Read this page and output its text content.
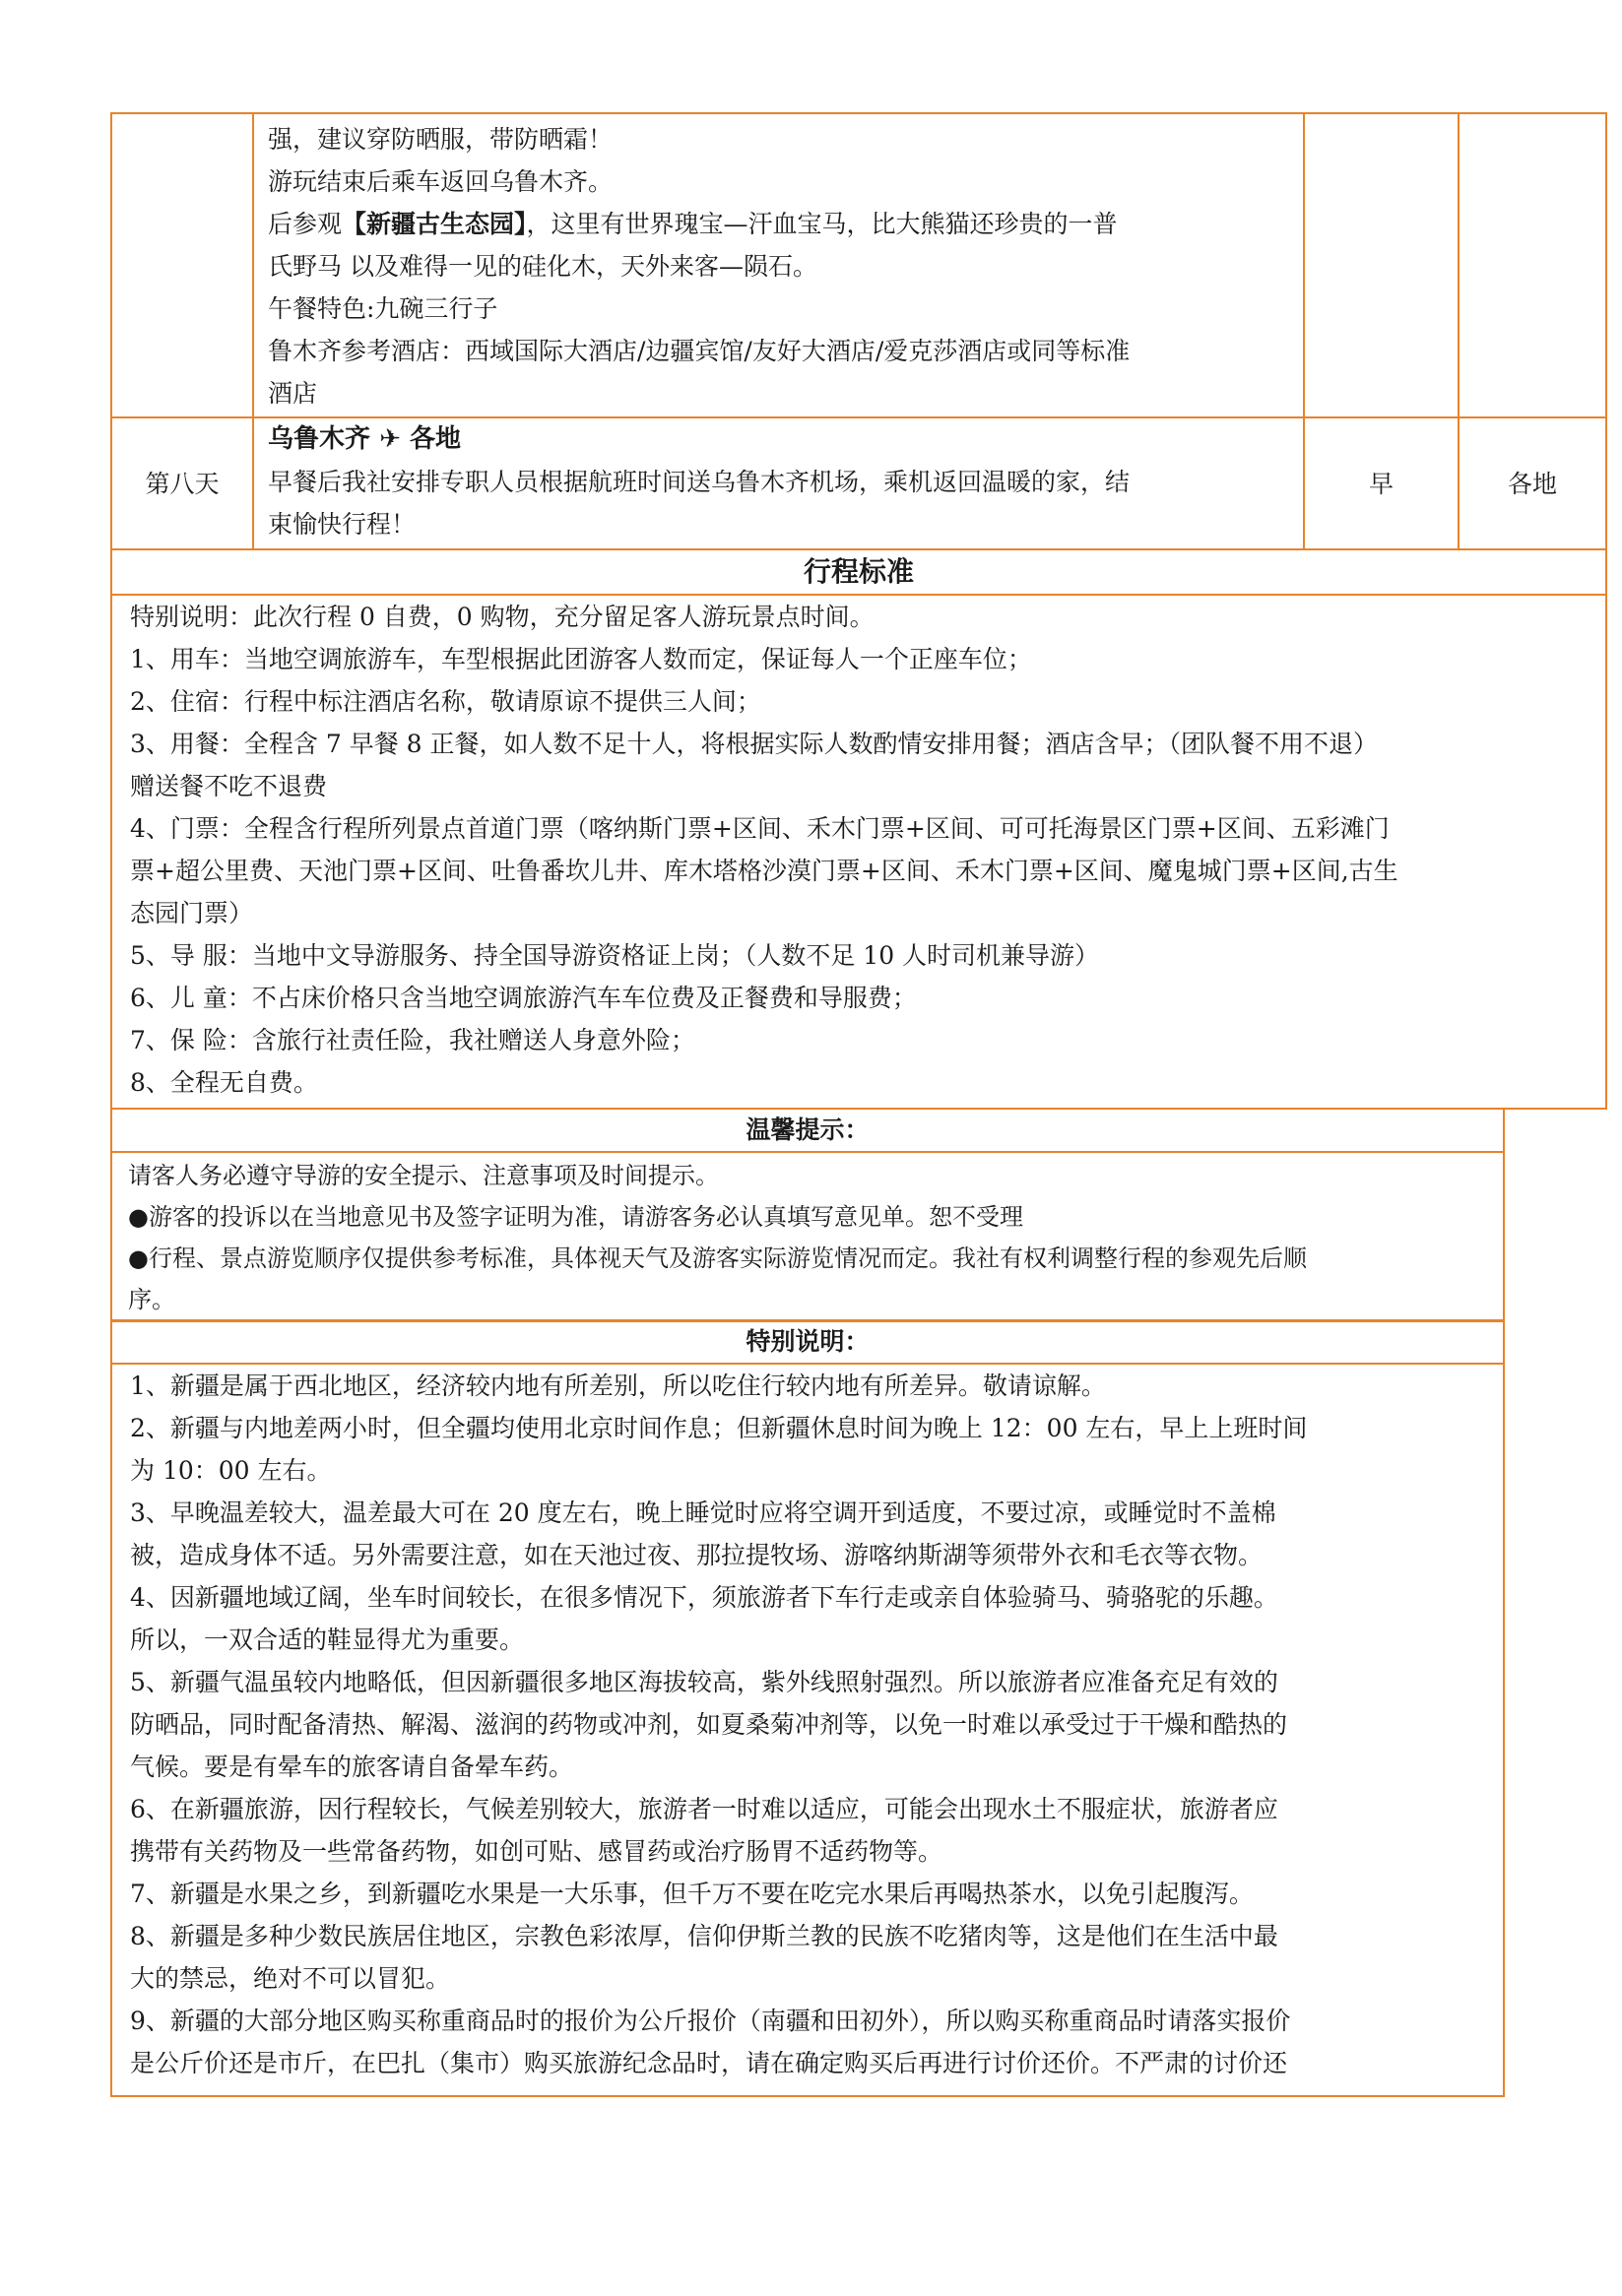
强，建议穿防晒服，带防晒霜！
游玩结束后乘车返回乌鲁木齐。
后参观【新疆古生态园】，这里有世界瑰宝—汗血宝马，比大熊猫还珍贵的一普
氏野马 以及难得一见的硅化木，天外来客—陨石。
午餐特色:九碗三行子
鲁木齐参考酒店：西域国际大酒店/边疆宾馆/友好大酒店/爱克莎酒店或同等标准
酒店
第八天
乌鲁木齐 ✈ 各地
早餐后我社安排专职人员根据航班时间送乌鲁木齐机场，乘机返回温暖的家，结
束愉快行程！
早	各地
行程标准
特别说明：此次行程 0 自费，0 购物，充分留足客人游玩景点时间。
1、用车：当地空调旅游车，车型根据此团游客人数而定，保证每人一个正座车位；
2、住宿：行程中标注酒店名称，敬请原谅不提供三人间；
3、用餐：全程含 7 早餐 8 正餐，如人数不足十人，将根据实际人数酌情安排用餐；酒店含早；（团队餐不用不退）
赠送餐不吃不退费
4、门票：全程含行程所列景点首道门票（喀纳斯门票+区间、禾木门票+区间、可可托海景区门票+区间、五彩滩门
票+超公里费、天池门票+区间、吐鲁番坎儿井、库木塔格沙漠门票+区间、禾木门票+区间、魔鬼城门票+区间,古生
态园门票）
5、导 服：当地中文导游服务、持全国导游资格证上岗；（人数不足 10 人时司机兼导游）
6、儿 童：不占床价格只含当地空调旅游汽车车位费及正餐费和导服费；
7、保 险：含旅行社责任险，我社赠送人身意外险；
8、全程无自费。
温馨提示：
请客人务必遵守导游的安全提示、注意事项及时间提示。
●游客的投诉以在当地意见书及签字证明为准，请游客务必认真填写意见单。恕不受理
●行程、景点游览顺序仅提供参考标准，具体视天气及游客实际游览情况而定。我社有权利调整行程的参观先后顺
序。
特别说明：
1、新疆是属于西北地区，经济较内地有所差别，所以吃住行较内地有所差异。敬请谅解。
2、新疆与内地差两小时，但全疆均使用北京时间作息；但新疆休息时间为晚上 12：00 左右，早上上班时间
为 10：00 左右。
3、早晚温差较大，温差最大可在 20 度左右，晚上睡觉时应将空调开到适度，不要过凉，或睡觉时不盖棉
被，造成身体不适。另外需要注意，如在天池过夜、那拉提牧场、游喀纳斯湖等须带外衣和毛衣等衣物。
4、因新疆地域辽阔，坐车时间较长，在很多情况下，须旅游者下车行走或亲自体验骑马、骑骆驼的乐趣。
所以，一双合适的鞋显得尤为重要。
5、新疆气温虽较内地略低，但因新疆很多地区海拔较高，紫外线照射强烈。所以旅游者应准备充足有效的
防晒品，同时配备清热、解渴、滋润的药物或冲剂，如夏桑菊冲剂等，以免一时难以承受过于干燥和酷热的
气候。要是有晕车的旅客请自备晕车药。
6、在新疆旅游，因行程较长，气候差别较大，旅游者一时难以适应，可能会出现水土不服症状，旅游者应
携带有关药物及一些常备药物，如创可贴、感冒药或治疗肠胃不适药物等。
7、新疆是水果之乡，到新疆吃水果是一大乐事，但千万不要在吃完水果后再喝热茶水，以免引起腹泻。
8、新疆是多种少数民族居住地区，宗教色彩浓厚，信仰伊斯兰教的民族不吃猪肉等，这是他们在生活中最
大的禁忌，绝对不可以冒犯。
9、新疆的大部分地区购买称重商品时的报价为公斤报价（南疆和田初外），所以购买称重商品时请落实报价
是公斤价还是市斤，在巴扎（集市）购买旅游纪念品时，请在确定购买后再进行讨价还价。不严肃的讨价还
